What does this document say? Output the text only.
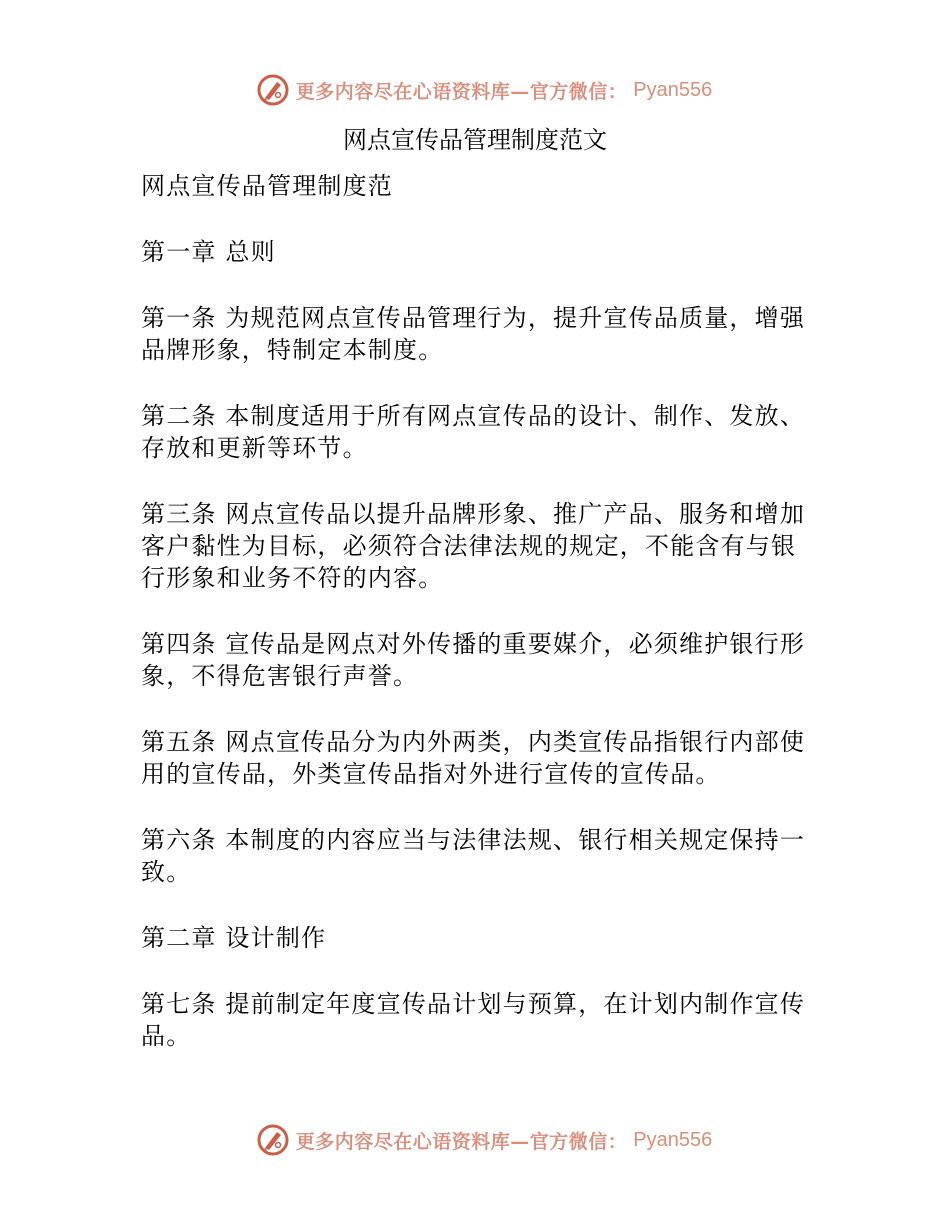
更多内容尽在心语资料库—官方微信： Pyan556
网点宣传品管理制度范文

网点宣传品管理制度范

第一章 总则

第一条 为规范网点宣传品管理行为，提升宣传品质量，增强品牌形象，特制定本制度。

第二条 本制度适用于所有网点宣传品的设计、制作、发放、存放和更新等环节。

第三条 网点宣传品以提升品牌形象、推广产品、服务和增加客户黏性为目标，必须符合法律法规的规定，不能含有与银行形象和业务不符的内容。

第四条 宣传品是网点对外传播的重要媒介，必须维护银行形象，不得危害银行声誉。

第五条 网点宣传品分为内外两类，内类宣传品指银行内部使用的宣传品，外类宣传品指对外进行宣传的宣传品。

第六条 本制度的内容应当与法律法规、银行相关规定保持一致。

第二章 设计制作

第七条 提前制定年度宣传品计划与预算，在计划内制作宣传品。

更多内容尽在心语资料库—官方微信： Pyan556
